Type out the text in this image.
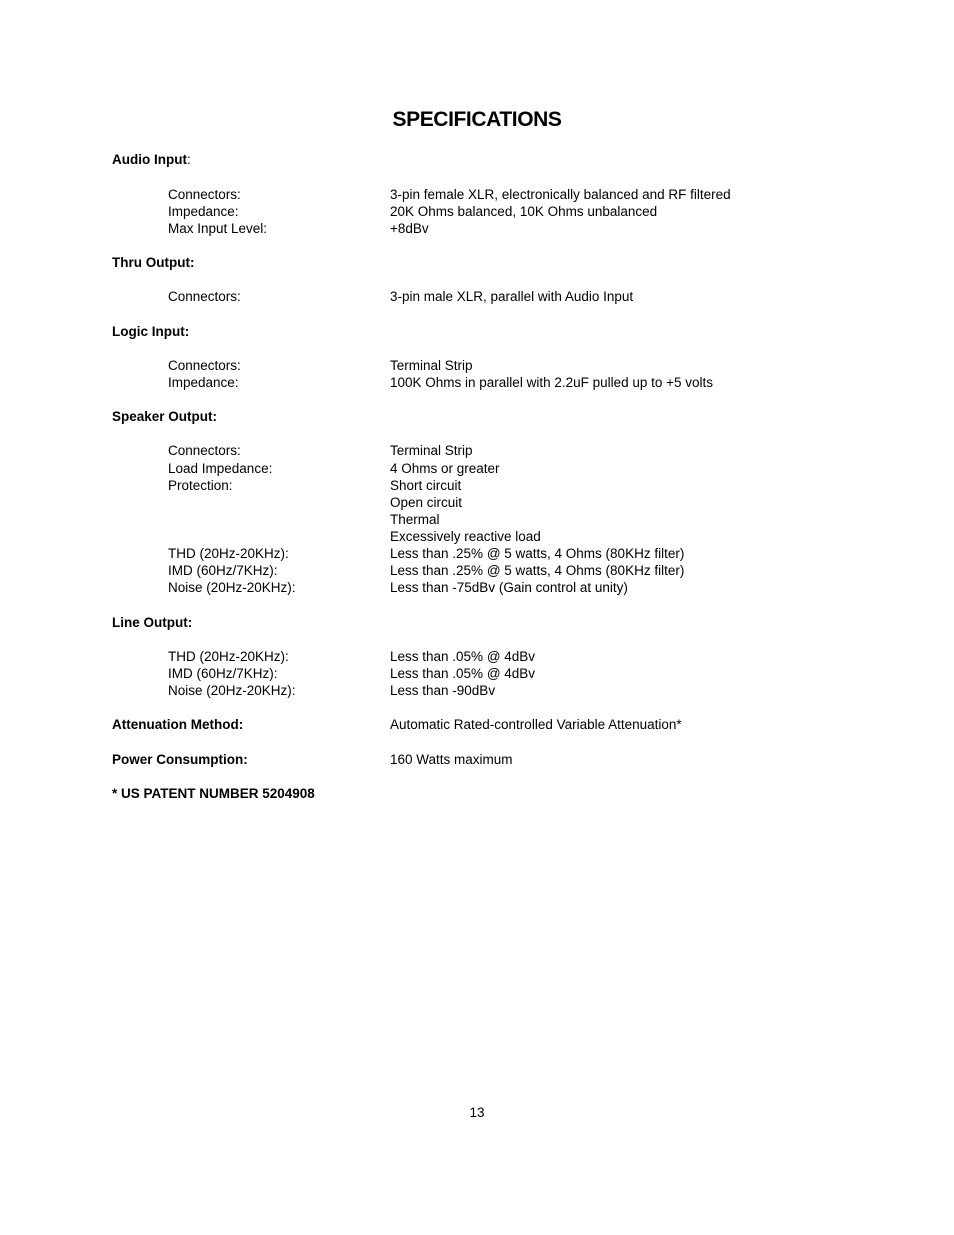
SPECIFICATIONS
Audio Input:
Connectors:	3-pin female XLR, electronically balanced and RF filtered
Impedance:	20K Ohms balanced, 10K Ohms unbalanced
Max Input Level:	+8dBv
Thru Output:
Connectors:	3-pin male XLR, parallel with Audio Input
Logic Input:
Connectors:	Terminal Strip
Impedance:	100K Ohms in parallel with 2.2uF pulled up to +5 volts
Speaker Output:
Connectors:	Terminal Strip
Load Impedance:	4 Ohms or greater
Protection:	Short circuit
Open circuit
Thermal
Excessively reactive load
THD (20Hz-20KHz):	Less than .25% @ 5 watts, 4 Ohms (80KHz filter)
IMD (60Hz/7KHz):	Less than .25% @ 5 watts, 4 Ohms (80KHz filter)
Noise (20Hz-20KHz):	Less than -75dBv (Gain control at unity)
Line Output:
THD (20Hz-20KHz):	Less than .05% @ 4dBv
IMD (60Hz/7KHz):	Less than .05% @ 4dBv
Noise (20Hz-20KHz):	Less than -90dBv
Attenuation Method:	Automatic Rated-controlled Variable Attenuation*
Power Consumption:	160 Watts maximum
* US PATENT NUMBER 5204908
13
